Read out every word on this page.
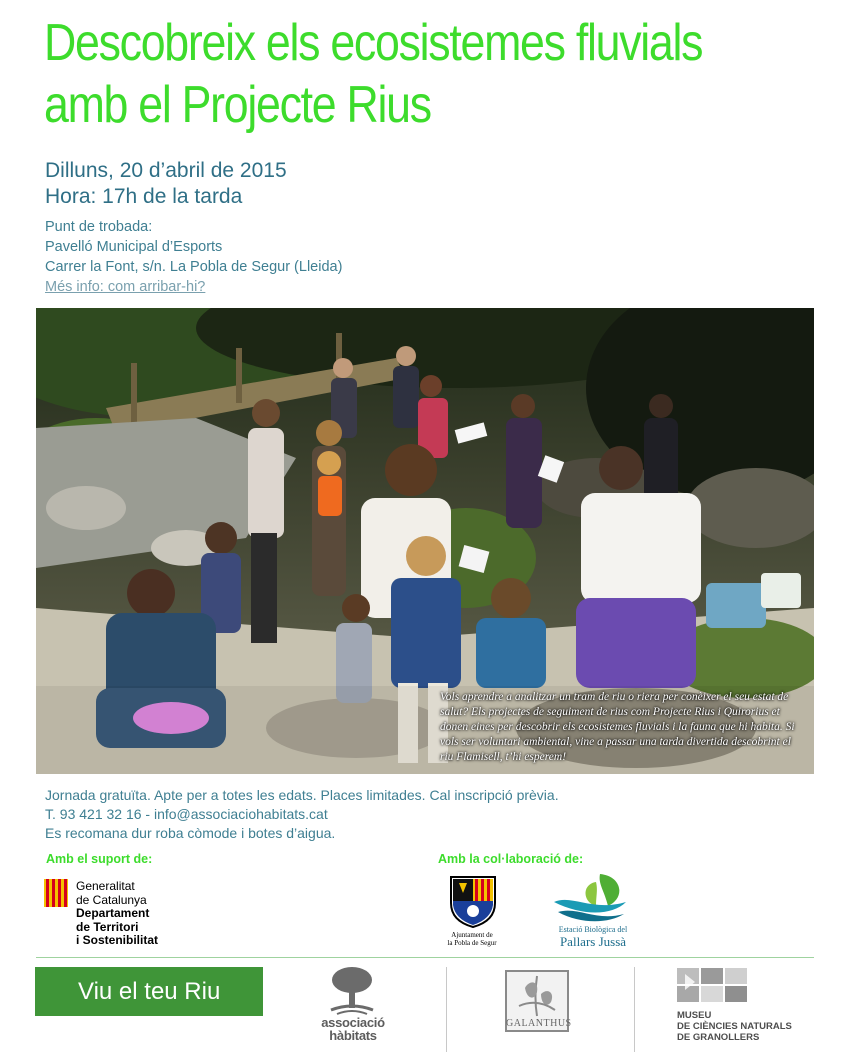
Descobreix els ecosistemes fluvials
amb el Projecte Rius
Dilluns, 20 d’abril de 2015
Hora: 17h de la tarda
Punt de trobada:
Pavelló Municipal d’Esports
Carrer la Font, s/n. La Pobla de Segur (Lleida)
Més info: com arribar-hi?
Vols aprendre a analitzar un tram de riu o riera per conèixer el seu estat de salut? Els projectes de seguiment de rius com Projecte Rius i Quirorius et donen eines per descobrir els ecosistemes fluvials i la fauna que hi habita. Si vols ser voluntari ambiental, vine a passar una tarda divertida descobrint el riu Flamisell, t’hi esperem!
Jornada gratuïta. Apte per a totes les edats. Places limitades. Cal inscripció prèvia.
T. 93 421 32 16 - info@associaciohabitats.cat
Es recomana dur roba còmode i botes d’aigua.
Amb el suport de:	Amb la col·laboració de:
Generalitat
de Catalunya
Departament
de Territori
i Sostenibilitat	Ajuntament de
la Pobla de Segur
Estació Biològica del
Pallars Jussà
Viu el teu Riu
associació
hàbitats
GALANTHUS
MUSEU
DE CIÈNCIES NATURALS
DE GRANOLLERS
